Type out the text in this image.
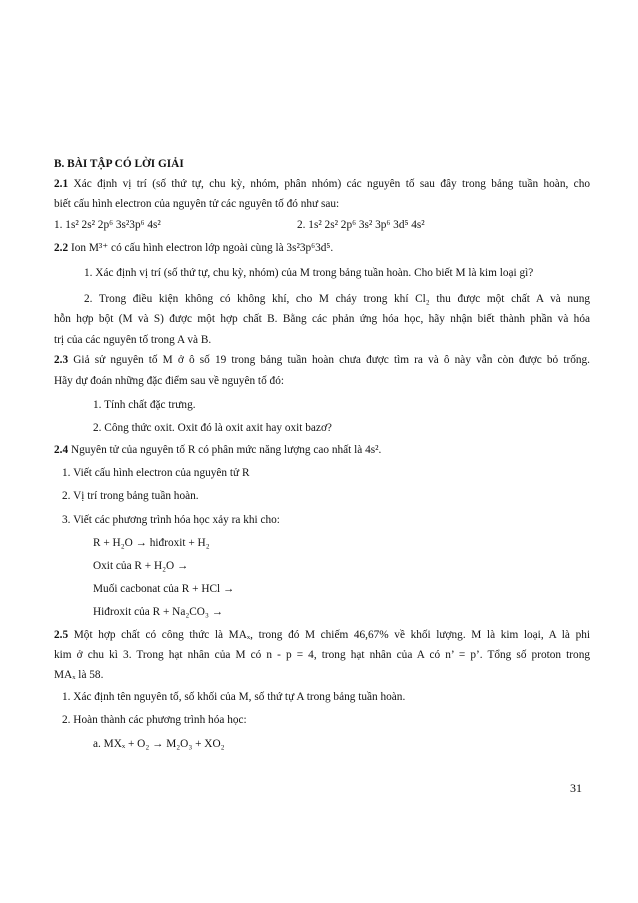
B. BÀI TẬP CÓ LỜI GIẢI
2.1 Xác định vị trí (số thứ tự, chu kỳ, nhóm, phân nhóm) các nguyên tố sau đây trong bảng tuần hoàn, cho
biết cấu hình electron của nguyên tử các nguyên tố đó như sau:
1. 1s² 2s² 2p⁶ 3s²3p⁶ 4s²	2. 1s² 2s² 2p⁶ 3s² 3p⁶ 3d⁵ 4s²
2.2 Ion M³⁺ có cấu hình electron lớp ngoài cùng là 3s²3p⁶3d⁵.
1. Xác định vị trí (số thứ tự, chu kỳ, nhóm) của M trong bảng tuần hoàn. Cho biết M là kim loại gì?
2. Trong điều kiện không có không khí, cho M cháy trong khí Cl₂ thu được một chất A và nung
hỗn hợp bột (M và S) được một hợp chất B. Bằng các phản ứng hóa học, hãy nhận biết thành phần và hóa
trị của các nguyên tố trong A và B.
2.3 Giả sử nguyên tố M ở ô số 19 trong bảng tuần hoàn chưa được tìm ra và ô này vẫn còn được bỏ trống.
Hãy dự đoán những đặc điểm sau về nguyên tố đó:
1. Tính chất đặc trưng.
2. Công thức oxit. Oxit đó là oxit axit hay oxit bazơ?
2.4 Nguyên tử của nguyên tố R có phân mức năng lượng cao nhất là 4s².
1. Viết cấu hình electron của nguyên tử R
2. Vị trí trong bảng tuần hoàn.
3. Viết các phương trình hóa học xảy ra khi cho:
R + H₂O → hiđroxit + H₂
Oxit của R + H₂O →
Muối cacbonat của R + HCl →
Hiđroxit của R + Na₂CO₃ →
2.5 Một hợp chất có công thức là MAₓ, trong đó M chiếm 46,67% về khối lượng. M là kim loại, A là phi
kim ở chu kì 3. Trong hạt nhân của M có n - p = 4, trong hạt nhân của A có n’ = p’. Tổng số proton trong
MAₓ là 58.
1. Xác định tên nguyên tố, số khối của M, số thứ tự A trong bảng tuần hoàn.
2. Hoàn thành các phương trình hóa học:
a. MXₓ + O₂ → M₂O₃ + XO₂
31
